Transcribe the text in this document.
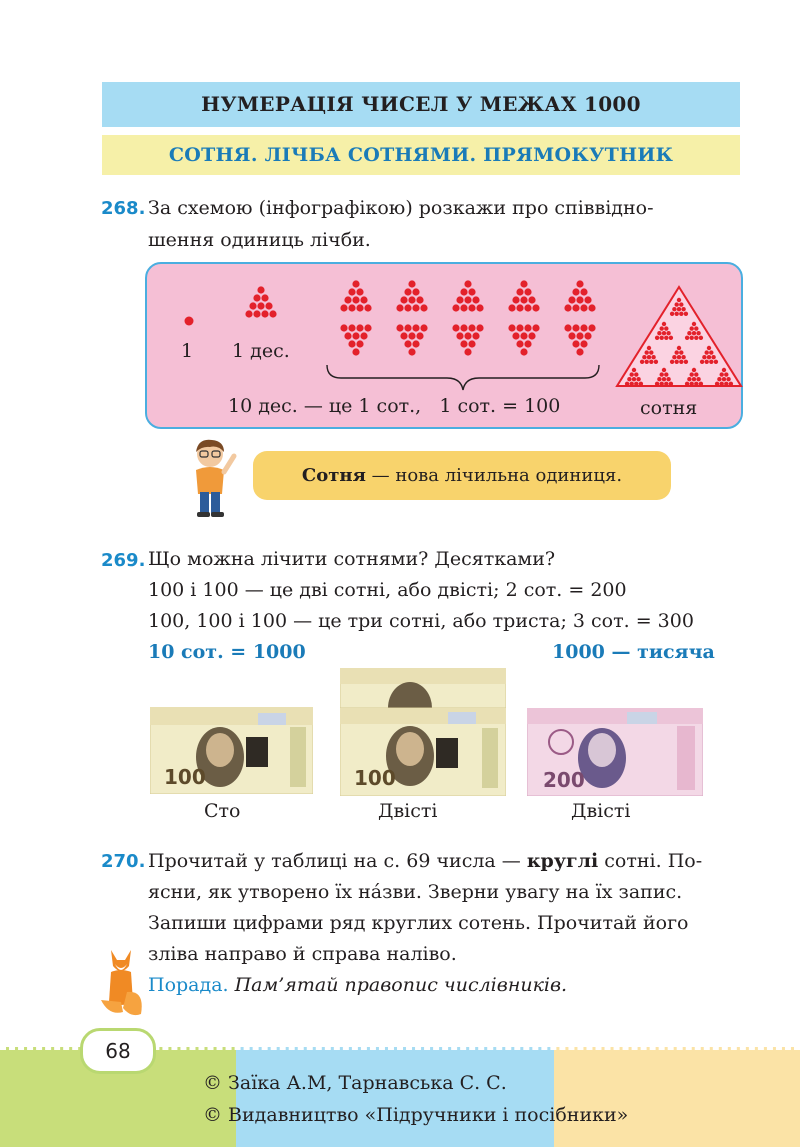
НУМЕРАЦІЯ ЧИСЕЛ У МЕЖАХ 1000
СОТНЯ. ЛІЧБА СОТНЯМИ. ПРЯМОКУТНИК
268. За схемою (інфографікою) розкажи про співвідно-
шення одиниць лічби.
1 1 дес.
10 дес. — це 1 сот.,   1 сот. = 100	сотня
Сотня — нова лічильна одиниця.
269. Що можна лічити сотнями? Десятками?
100 і 100 — це дві сотні, або двісті; 2 сот. = 200
100, 100 і 100 — це три сотні, або триста; 3 сот. = 300
10 сот. = 1000	1000 — тисяча
100	100	200
Сто	Двісті	Двісті
270. Прочитай у таблиці на с. 69 числа — круглі сотні. По-
ясни, як утворено їх на́зви. Зверни увагу на їх запис.
Запиши цифрами ряд круглих сотень. Прочитай його
зліва направо й справа наліво.
Порада. Пам’ятай правопис числівників.
68
© Заїка А.М, Тарнавська С. С.
© Видавництво «Підручники і посібники»
